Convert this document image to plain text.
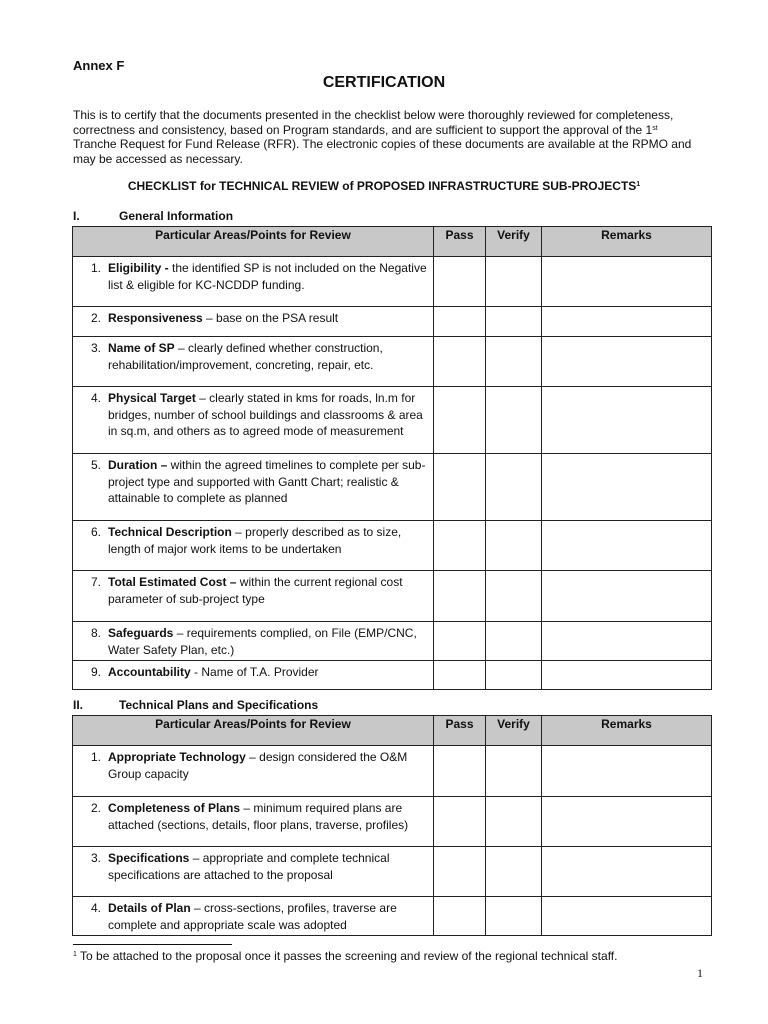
Annex F
CERTIFICATION
This is to certify that the documents presented in the checklist below were thoroughly reviewed for completeness, correctness and consistency, based on Program standards, and are sufficient to support the approval of the 1st Tranche Request for Fund Release (RFR). The electronic copies of these documents are available at the RPMO and may be accessed as necessary.
CHECKLIST for TECHNICAL REVIEW of PROPOSED INFRASTRUCTURE SUB-PROJECTS$^1$
I.	General Information
Particular Areas/Points for Review	Pass	Verify	Remarks

1. Eligibility - the identified SP is not included on the Negative list & eligible for KC-NCDDP funding.			

2. Responsiveness – base on the PSA result			

3. Name of SP – clearly defined whether construction, rehabilitation/improvement, concreting, repair, etc.			

4. Physical Target – clearly stated in kms for roads, ln.m for bridges, number of school buildings and classrooms & area in sq.m, and others as to agreed mode of measurement			

5. Duration – within the agreed timelines to complete per sub-project type and supported with Gantt Chart; realistic & attainable to complete as planned			

6. Technical Description – properly described as to size, length of major work items to be undertaken			

7. Total Estimated Cost – within the current regional cost parameter of sub-project type			

8. Safeguards – requirements complied, on File (EMP/CNC, Water Safety Plan, etc.)			

9. Accountability - Name of T.A. Provider			

II.	Technical Plans and Specifications
Particular Areas/Points for Review	Pass	Verify	Remarks

1. Appropriate Technology – design considered the O&M Group capacity			

2. Completeness of Plans – minimum required plans are attached (sections, details, floor plans, traverse, profiles)			

3. Specifications – appropriate and complete technical specifications are attached to the proposal			

4. Details of Plan – cross-sections, profiles, traverse are complete and appropriate scale was adopted			

$^1$ To be attached to the proposal once it passes the screening and review of the regional technical staff.
1
